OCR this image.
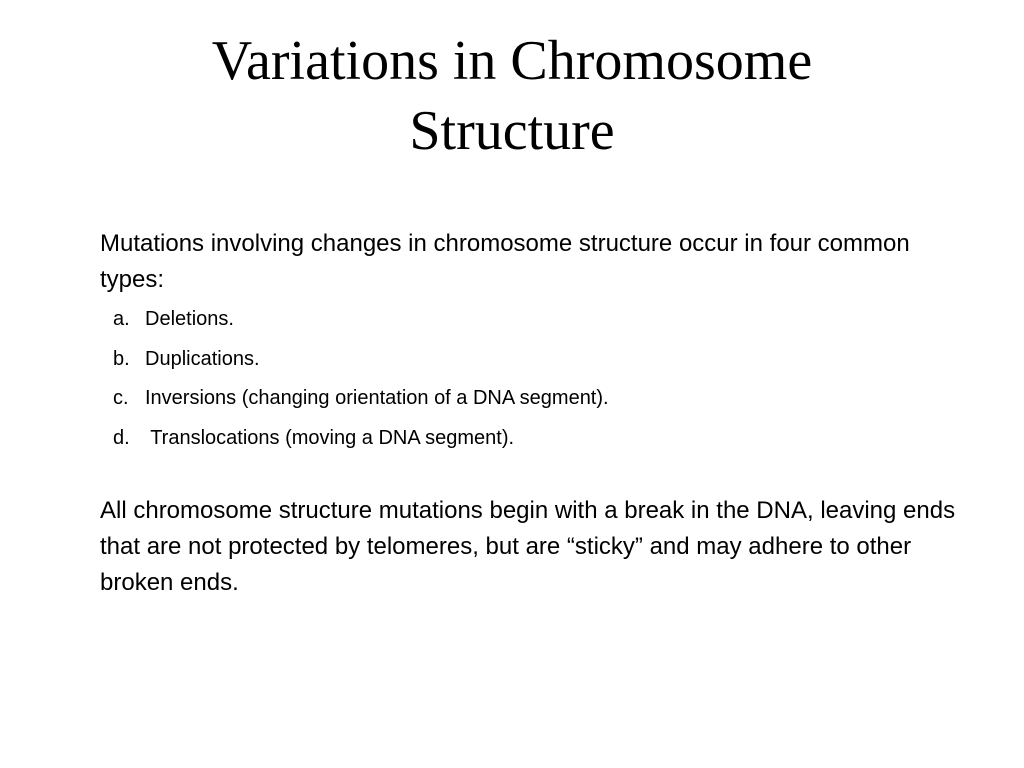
Variations in Chromosome
Structure

Mutations involving changes in chromosome structure occur in four common types:

a. Deletions.
b. Duplications.
c. Inversions (changing orientation of a DNA segment).
d. Translocations (moving a DNA segment).

All chromosome structure mutations begin with a break in the DNA, leaving ends that are not protected by telomeres, but are “sticky” and may adhere to other broken ends.
